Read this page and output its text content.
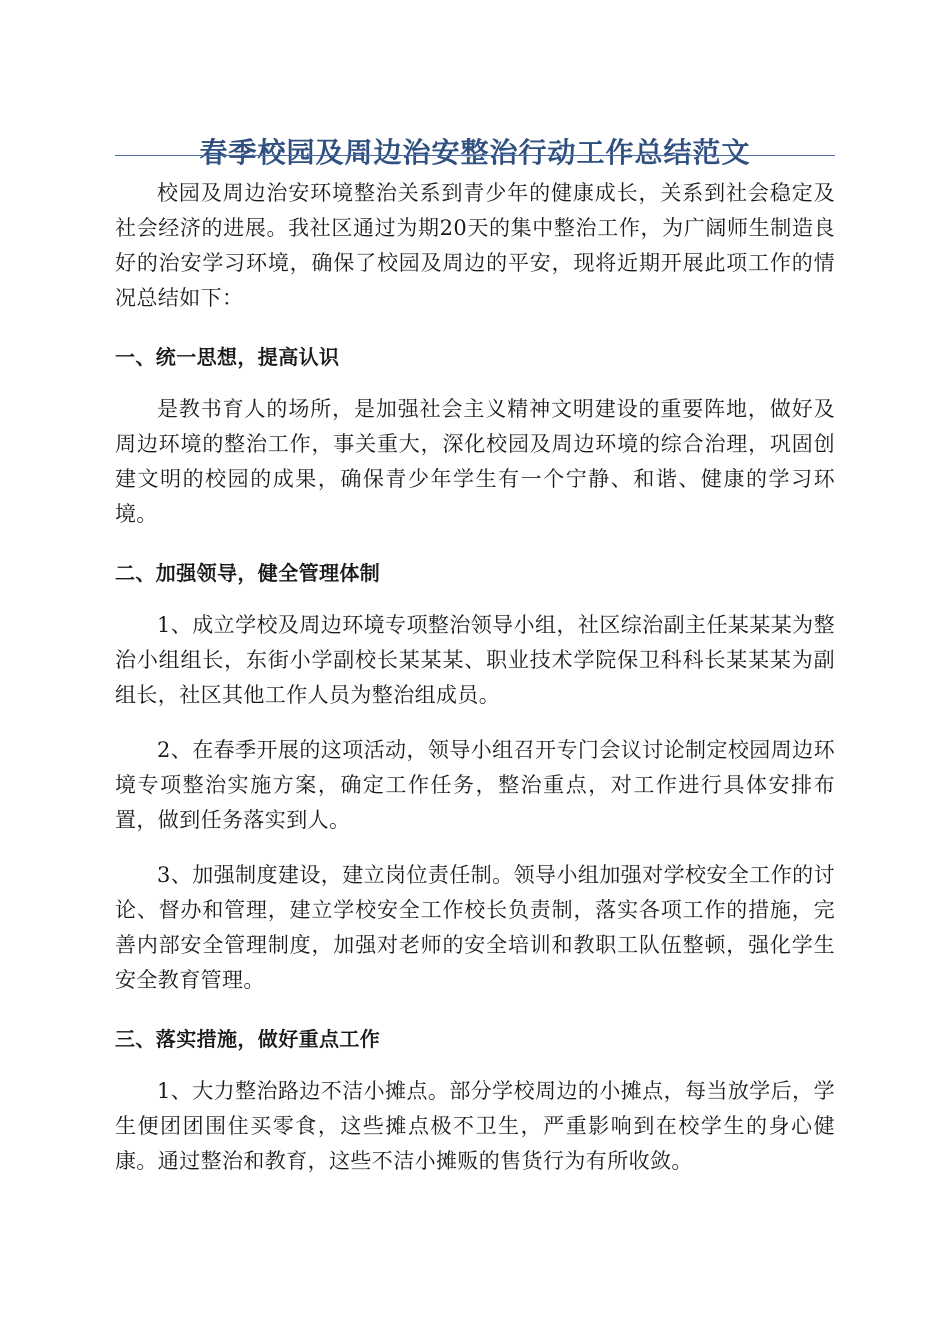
春季校园及周边治安整治行动工作总结范文

校园及周边治安环境整治关系到青少年的健康成长，关系到社会稳定及社会经济的进展。我社区通过为期20天的集中整治工作，为广阔师生制造良好的治安学习环境，确保了校园及周边的平安，现将近期开展此项工作的情况总结如下：

一、统一思想，提高认识

是教书育人的场所，是加强社会主义精神文明建设的重要阵地，做好及周边环境的整治工作，事关重大，深化校园及周边环境的综合治理，巩固创建文明的校园的成果，确保青少年学生有一个宁静、和谐、健康的学习环境。

二、加强领导，健全管理体制

1、成立学校及周边环境专项整治领导小组，社区综治副主任某某某为整治小组组长，东街小学副校长某某某、职业技术学院保卫科科长某某某为副组长，社区其他工作人员为整治组成员。

2、在春季开展的这项活动，领导小组召开专门会议讨论制定校园周边环境专项整治实施方案，确定工作任务，整治重点，对工作进行具体安排布置，做到任务落实到人。

3、加强制度建设，建立岗位责任制。领导小组加强对学校安全工作的讨论、督办和管理，建立学校安全工作校长负责制，落实各项工作的措施，完善内部安全管理制度，加强对老师的安全培训和教职工队伍整顿，强化学生安全教育管理。

三、落实措施，做好重点工作

1、大力整治路边不洁小摊点。部分学校周边的小摊点，每当放学后，学生便团团围住买零食，这些摊点极不卫生，严重影响到在校学生的身心健康。通过整治和教育，这些不洁小摊贩的售货行为有所收敛。
